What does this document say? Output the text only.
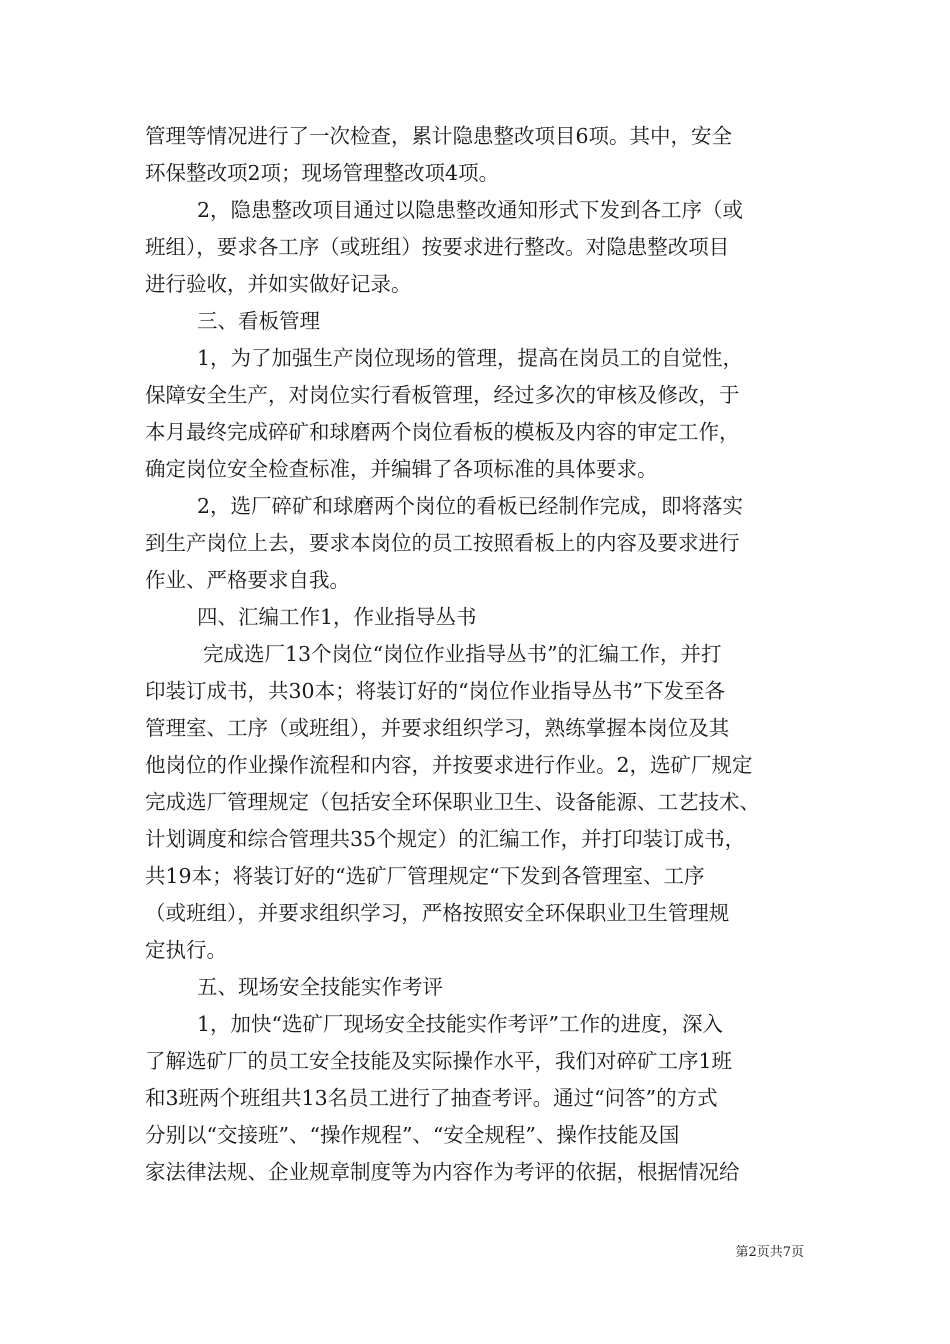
管理等情况进行了一次检查，累计隐患整改项目6项。其中，安全
环保整改项2项；现场管理整改项4项。
2，隐患整改项目通过以隐患整改通知形式下发到各工序（或
班组），要求各工序（或班组）按要求进行整改。对隐患整改项目
进行验收，并如实做好记录。
三、看板管理
1，为了加强生产岗位现场的管理，提高在岗员工的自觉性，
保障安全生产，对岗位实行看板管理，经过多次的审核及修改，于
本月最终完成碎矿和球磨两个岗位看板的模板及内容的审定工作，
确定岗位安全检查标准，并编辑了各项标准的具体要求。
2，选厂碎矿和球磨两个岗位的看板已经制作完成，即将落实
到生产岗位上去，要求本岗位的员工按照看板上的内容及要求进行
作业、严格要求自我。
四、汇编工作1，作业指导丛书
完成选厂13个岗位“岗位作业指导丛书”的汇编工作，并打
印装订成书，共30本；将装订好的“岗位作业指导丛书”下发至各
管理室、工序（或班组），并要求组织学习，熟练掌握本岗位及其
他岗位的作业操作流程和内容，并按要求进行作业。2，选矿厂规定
完成选厂管理规定（包括安全环保职业卫生、设备能源、工艺技术、
计划调度和综合管理共35个规定）的汇编工作，并打印装订成书，
共19本；将装订好的“选矿厂管理规定“下发到各管理室、工序
（或班组），并要求组织学习，严格按照安全环保职业卫生管理规
定执行。
五、现场安全技能实作考评
1，加快“选矿厂现场安全技能实作考评”工作的进度，深入
了解选矿厂的员工安全技能及实际操作水平，我们对碎矿工序1班
和3班两个班组共13名员工进行了抽查考评。通过“问答”的方式
分别以“交接班”、“操作规程”、“安全规程”、操作技能及国
家法律法规、企业规章制度等为内容作为考评的依据，根据情况给
第2页共7页
